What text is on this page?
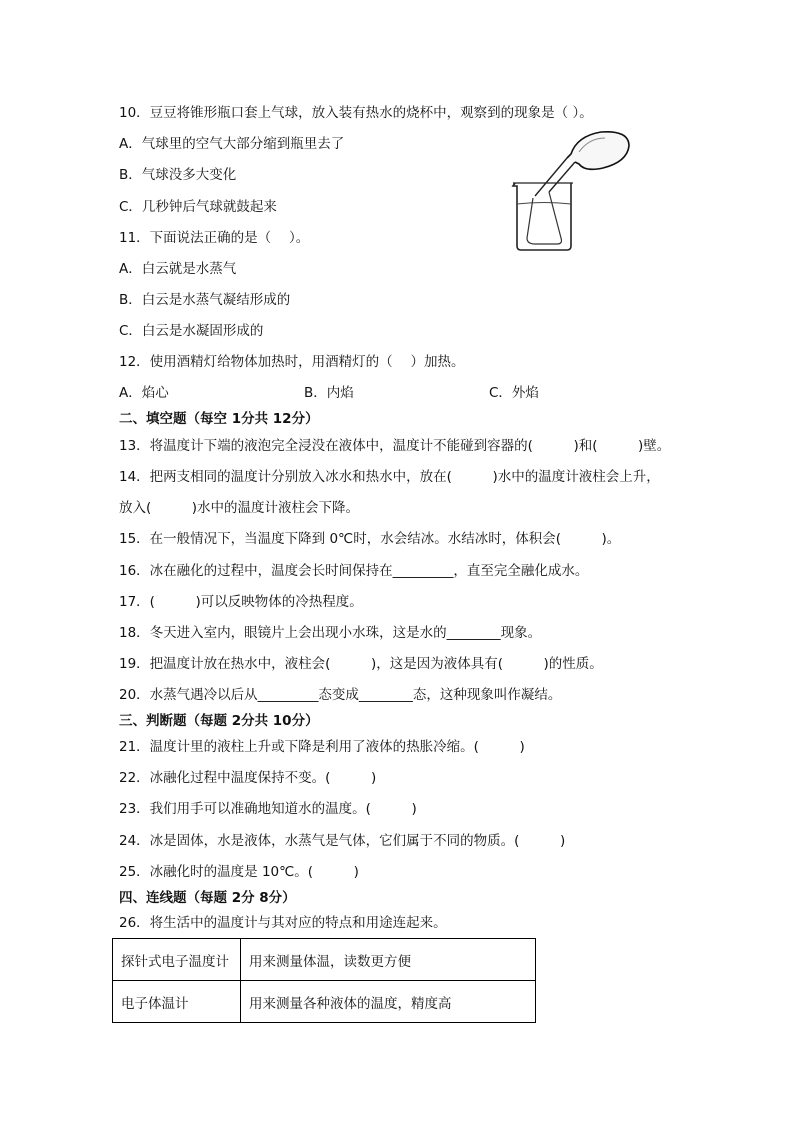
10．豆豆将锥形瓶口套上气球，放入装有热水的烧杯中，观察到的现象是（ ）。
A．气球里的空气大部分缩到瓶里去了
B．气球没多大变化
C．几秒钟后气球就鼓起来
11．下面说法正确的是（　 ）。
A．白云就是水蒸气
B．白云是水蒸气凝结形成的
C．白云是水凝固形成的
12．使用酒精灯给物体加热时，用酒精灯的（　 ）加热。
A．焰心	B．内焰	C．外焰
二、填空题（每空 1分共 12分）
13．将温度计下端的液泡完全浸没在液体中，温度计不能碰到容器的(　　　)和(　　　)壁。
14．把两支相同的温度计分别放入冰水和热水中，放在(　　　)水中的温度计液柱会上升，
放入(　　　)水中的温度计液柱会下降。
15．在一般情况下，当温度下降到 0℃时，水会结冰。水结冰时，体积会(　　　)。
16．冰在融化的过程中，温度会长时间保持在_________，直至完全融化成水。
17．(　　　)可以反映物体的冷热程度。
18．冬天进入室内，眼镜片上会出现小水珠，这是水的________现象。
19．把温度计放在热水中，液柱会(　　　)，这是因为液体具有(　　　)的性质。
20．水蒸气遇冷以后从_________态变成________态，这种现象叫作凝结。
三、判断题（每题 2分共 10分）
21．温度计里的液柱上升或下降是利用了液体的热胀冷缩。(　　　)
22．冰融化过程中温度保持不变。(　　　)
23．我们用手可以准确地知道水的温度。(　　　)
24．冰是固体，水是液体，水蒸气是气体，它们属于不同的物质。(　　　)
25．冰融化时的温度是 10℃。(　　　)
四、连线题（每题 2分 8分）
26．将生活中的温度计与其对应的特点和用途连起来。
探针式电子温度计	用来测量体温，读数更方便
电子体温计	用来测量各种液体的温度，精度高
